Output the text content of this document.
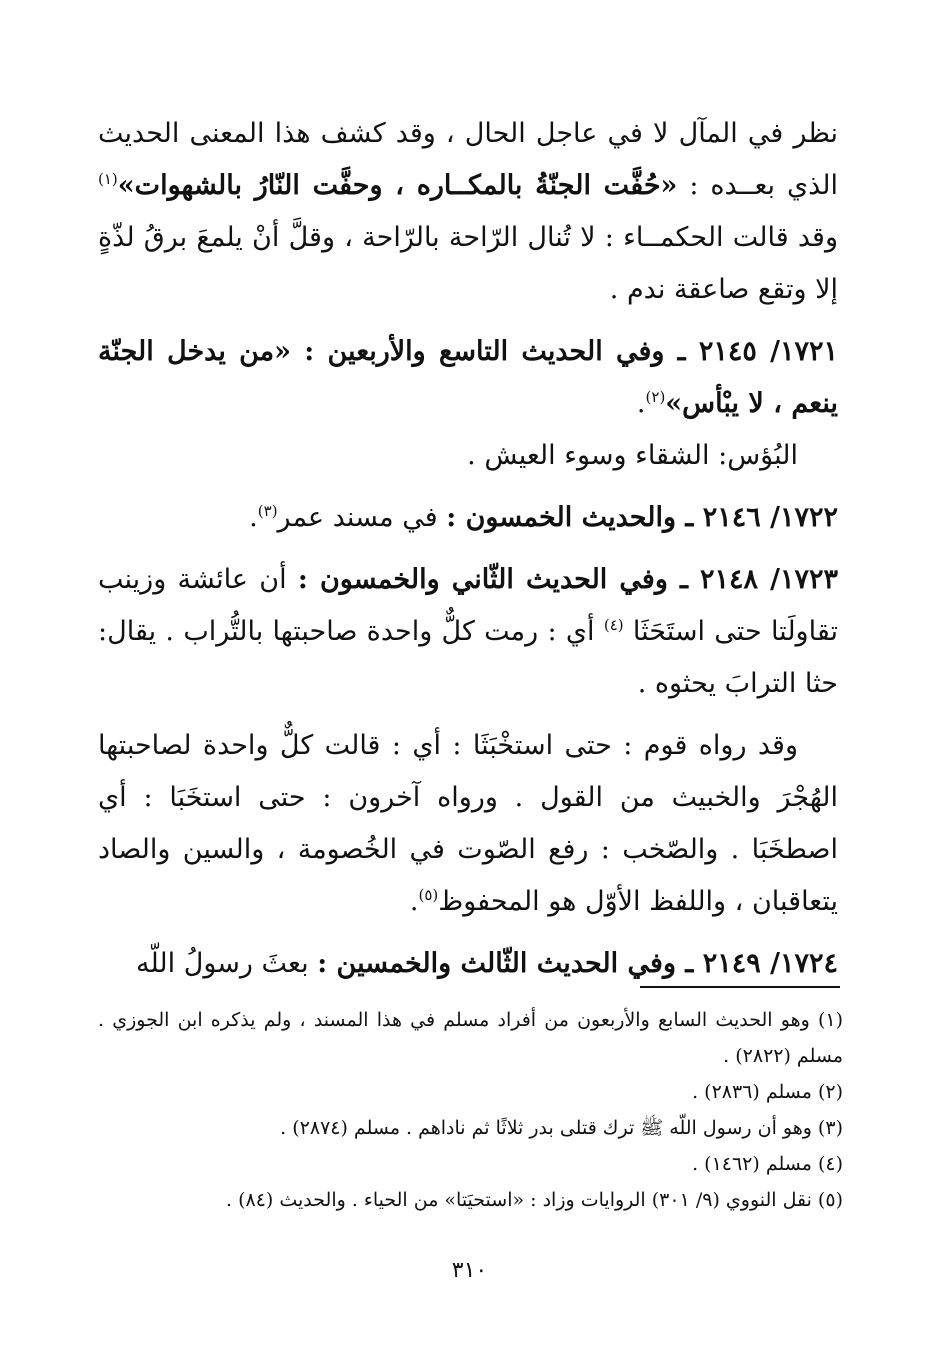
نظر في المآل لا في عاجل الحال ، وقد كشف هذا المعنى الحديث الذي بعــده : «حُفَّت الجنّةُ بالمكــاره ، وحفَّت النّارُ بالشهوات»$^{(١)}$ وقد قالت الحكمــاء : لا تُنال الرّاحة بالرّاحة ، وقلَّ أنْ يلمعَ برقُ لذّةٍ إلا وتقع صاعقة ندم .

١٧٢١/ ٢١٤٥ ـ وفي الحديث التاسع والأربعين : «من يدخل الجنّة ينعم ، لا يبْأس»$^{(٢)}$.

البُؤس: الشقاء وسوء العيش .

١٧٢٢/ ٢١٤٦ ـ والحديث الخمسون : في مسند عمر$^{(٣)}$.

١٧٢٣/ ٢١٤٨ ـ وفي الحديث الثّاني والخمسون : أن عائشة وزينب تقاولَتا حتى استَحَثَا $^{(٤)}$ أي : رمت كلٌّ واحدة صاحبتها بالتُّراب . يقال: حثا الترابَ يحثوه .

وقد رواه قوم : حتى استخْبَثَا : أي : قالت كلٌّ واحدة لصاحبتها الهُجْرَ والخبيث من القول . ورواه آخرون : حتى استخَبَا : أي اصطخَبَا . والصّخب : رفع الصّوت في الخُصومة ، والسين والصاد يتعاقبان ، واللفظ الأوّل هو المحفوظ$^{(٥)}$.

١٧٢٤/ ٢١٤٩ ـ وفي الحديث الثّالث والخمسين : بعثَ رسولُ اللّه

(١) وهو الحديث السابع والأربعون من أفراد مسلم في هذا المسند ، ولم يذكره ابن الجوزي . مسلم (٢٨٢٢) .

(٢) مسلم (٢٨٣٦) .

(٣) وهو أن رسول اللّه ﷺ ترك قتلى بدر ثلاثًا ثم ناداهم . مسلم (٢٨٧٤) .

(٤) مسلم (١٤٦٢) .

(٥) نقل النووي (٩/ ٣٠١) الروايات وزاد : «استحيَتا» من الحياء . والحديث (٨٤) .

٣١٠
